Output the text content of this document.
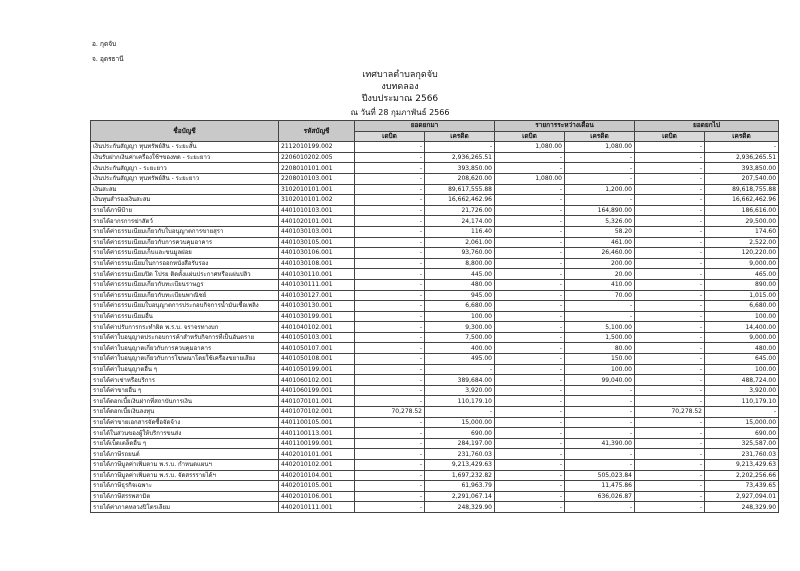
อ. กุดจับ
จ. อุดรธานี
เทศบาลตำบลกุดจับ
งบทดลอง
ปีงบประมาณ 2566
ณ วันที่ 28 กุมภาพันธ์ 2566
ชื่อบัญชี	รหัสบัญชี	ยอดยกมา		รายการระหว่างเดือน		ยอดยกไป	
		เดบิต	เครดิต	เดบิต	เครดิต	เดบิต	เครดิต
เงินประกันสัญญา ทุนทรัพย์สิน - ระยะสั้น	2112010199.002	-	-	1,080.00	1,080.00	-	-
เงินรับฝากเงินค่าเครื่องใช้ฯของทด - ระยะยาว	2206010202.005	-	2,936,265.51	-	-	-	2,936,265.51
เงินประกันสัญญา - ระยะยาว	2208010101.001	-	393,850.00	-	-	-	393,850.00
เงินประกันสัญญา ทุนทรัพย์สิน - ระยะยาว	2208010103.001	-	208,620.00	1,080.00	-	-	207,540.00
เงินสะสม	3102010101.001	-	89,617,555.88	-	1,200.00	-	89,618,755.88
เงินทุนสำรองเงินสะสม	3102010101.002	-	16,662,462.96	-	-	-	16,662,462.96
รายได้ภาษีป้าย	4401010103.001	-	21,726.00	-	164,890.00	-	186,616.00
รายได้อากรการฆ่าสัตว์	4401020101.001	-	24,174.00	-	5,326.00	-	29,500.00
รายได้ค่าธรรมเนียมเกี่ยวกับใบอนุญาตการขายสุรา	4401030103.001	-	116.40	-	58.20	-	174.60
รายได้ค่าธรรมเนียมเกี่ยวกับการควบคุมอาคาร	4401030105.001	-	2,061.00	-	461.00	-	2,522.00
รายได้ค่าธรรมเนียมเก็บและขนมูลฝอย	4401030106.001	-	93,760.00	-	26,460.00	-	120,220.00
รายได้ค่าธรรมเนียมในการออกหนังสือรับรอง	4401030108.001	-	8,800.00	-	200.00	-	9,000.00
รายได้ค่าธรรมเนียมปิด โปรย ติดตั้งแผ่นประกาศหรือแผ่นปลิว	4401030110.001	-	445.00	-	20.00	-	465.00
รายได้ค่าธรรมเนียมเกี่ยวกับทะเบียนราษฎร	4401030111.001	-	480.00	-	410.00	-	890.00
รายได้ค่าธรรมเนียมเกี่ยวกับทะเบียนพาณิชย์	4401030127.001	-	945.00	-	70.00	-	1,015.00
รายได้ค่าธรรมเนียมใบอนุญาตการประกอบกิจการน้ำมันเชื้อเพลิง	4401030130.001	-	6,680.00	-	-	-	6,680.00
รายได้ค่าธรรมเนียมอื่น	4401030199.001	-	100.00	-	-	-	100.00
รายได้ค่าปรับการกระทำผิด พ.ร.บ. จราจรทางบก	4401040102.001	-	9,300.00	-	5,100.00	-	14,400.00
รายได้ค่าใบอนุญาตประกอบการค้าสำหรับกิจการที่เป็นอันตราย	4401050103.001	-	7,500.00	-	1,500.00	-	9,000.00
รายได้ค่าใบอนุญาตเกี่ยวกับการควบคุมอาคาร	4401050107.001	-	400.00	-	80.00	-	480.00
รายได้ค่าใบอนุญาตเกี่ยวกับการโฆษณาโดยใช้เครื่องขยายเสียง	4401050108.001	-	495.00	-	150.00	-	645.00
รายได้ค่าใบอนุญาตอื่น ๆ	4401050199.001	-	-	-	100.00	-	100.00
รายได้ค่าเช่าหรือบริการ	4401060102.001	-	389,684.00	-	99,040.00	-	488,724.00
รายได้ค่าขายอื่น ๆ	4401060199.001	-	3,920.00	-	-	-	3,920.00
รายได้ดอกเบี้ยเงินฝากที่สถาบันการเงิน	4401070101.001	-	110,179.10	-	-	-	110,179.10
รายได้ดอกเบี้ยเงินลงทุน	4401070102.001	70,278.52	-	-	-	70,278.52	-
รายได้ค่าขายเอกสารจัดซื้อจัดจ้าง	4401100105.001	-	15,000.00	-	-	-	15,000.00
รายได้ในส่วนของผู้ให้บริการขนส่ง	4401100113.001	-	690.00	-	-	-	690.00
รายได้เบ็ดเตล็ดอื่น ๆ	4401100199.001	-	284,197.00	-	41,390.00	-	325,587.00
รายได้ภาษีรถยนต์	4402010101.001	-	231,760.03	-	-	-	231,760.03
รายได้ภาษีมูลค่าเพิ่มตาม พ.ร.บ. กำหนดแผนฯ	4402010102.001	-	9,213,429.63	-	-	-	9,213,429.63
รายได้ภาษีมูลค่าเพิ่มตาม พ.ร.บ. จัดสรรรายได้ฯ	4402010104.001	-	1,697,232.82	-	505,023.84	-	2,202,256.66
รายได้ภาษีธุรกิจเฉพาะ	4402010105.001	-	61,963.79	-	11,475.86	-	73,439.65
รายได้ภาษีสรรพสามิต	4402010106.001	-	2,291,067.14	-	636,026.87	-	2,927,094.01
รายได้ค่าภาคหลวงปิโตรเลียม	4402010111.001	-	248,329.90	-	-	-	248,329.90
